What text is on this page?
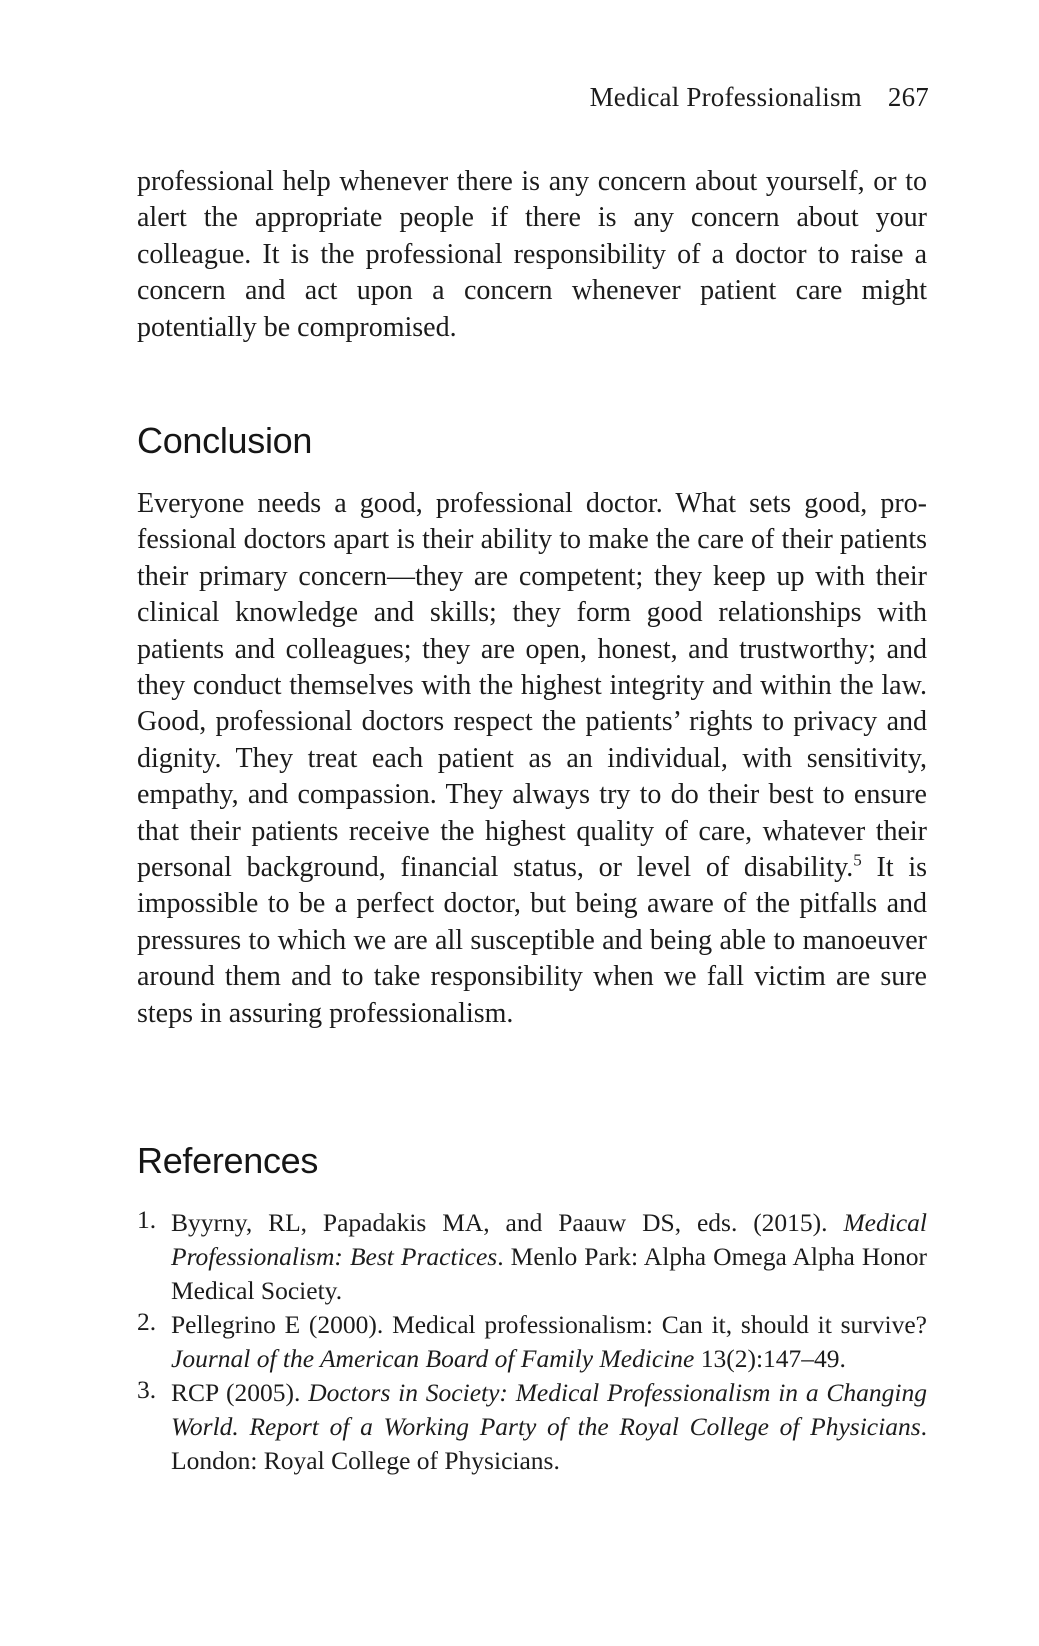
Medical Professionalism 267

professional help whenever there is any concern about yourself, or to alert the appropriate people if there is any concern about your colleague. It is the professional responsibility of a doctor to raise a concern and act upon a concern whenever patient care might potentially be compromised.

Conclusion

Everyone needs a good, professional doctor. What sets good, professional doctors apart is their ability to make the care of their patients their primary concern—they are competent; they keep up with their clinical knowledge and skills; they form good relationships with patients and colleagues; they are open, honest, and trustworthy; and they conduct themselves with the highest integrity and within the law. Good, professional doctors respect the patients’ rights to privacy and dignity. They treat each patient as an individual, with sensitivity, empathy, and compassion. They always try to do their best to ensure that their patients receive the highest quality of care, whatever their personal background, financial status, or level of disability.$^5$ It is impossible to be a perfect doctor, but being aware of the pitfalls and pressures to which we are all susceptible and being able to manoeuver around them and to take responsibility when we fall victim are sure steps in assuring professionalism.

References
1. Byyrny, RL, Papadakis MA, and Paauw DS, eds. (2015). Medical Professionalism: Best Practices. Menlo Park: Alpha Omega Alpha Honor Medical Society.
2. Pellegrino E (2000). Medical professionalism: Can it, should it survive? Journal of the American Board of Family Medicine 13(2):147–49.
3. RCP (2005). Doctors in Society: Medical Professionalism in a Changing World. Report of a Working Party of the Royal College of Physicians. London: Royal College of Physicians.
